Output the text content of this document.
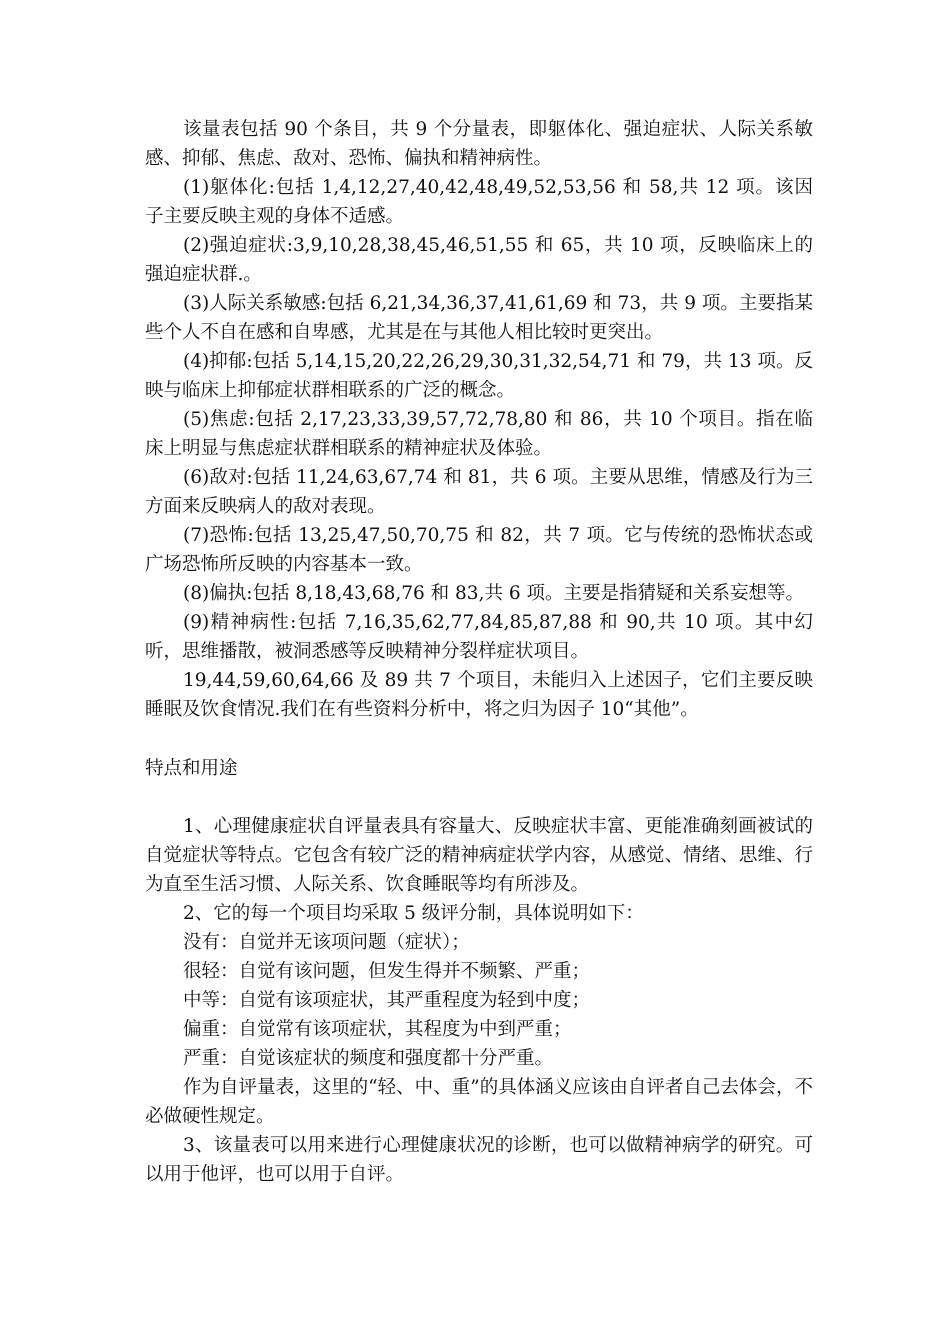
该量表包括 90 个条目，共 9 个分量表，即躯体化、强迫症状、人际关系敏感、抑郁、焦虑、敌对、恐怖、偏执和精神病性。

(1)躯体化:包括 1,4,12,27,40,42,48,49,52,53,56 和 58,共 12 项。该因子主要反映主观的身体不适感。

(2)强迫症状:3,9,10,28,38,45,46,51,55 和 65，共 10 项，反映临床上的强迫症状群.。

(3)人际关系敏感:包括 6,21,34,36,37,41,61,69 和 73，共 9 项。主要指某些个人不自在感和自卑感，尤其是在与其他人相比较时更突出。

(4)抑郁:包括 5,14,15,20,22,26,29,30,31,32,54,71 和 79，共 13 项。反映与临床上抑郁症状群相联系的广泛的概念。

(5)焦虑:包括 2,17,23,33,39,57,72,78,80 和 86，共 10 个项目。指在临床上明显与焦虑症状群相联系的精神症状及体验。

(6)敌对:包括 11,24,63,67,74 和 81，共 6 项。主要从思维，情感及行为三方面来反映病人的敌对表现。

(7)恐怖:包括 13,25,47,50,70,75 和 82，共 7 项。它与传统的恐怖状态或广场恐怖所反映的内容基本一致。

(8)偏执:包括 8,18,43,68,76 和 83,共 6 项。主要是指猜疑和关系妄想等。

(9)精神病性:包括 7,16,35,62,77,84,85,87,88 和 90,共 10 项。其中幻听，思维播散，被洞悉感等反映精神分裂样症状项目。

19,44,59,60,64,66 及 89 共 7 个项目，未能归入上述因子，它们主要反映睡眠及饮食情况.我们在有些资料分析中，将之归为因子 10“其他”。

特点和用途

1、心理健康症状自评量表具有容量大、反映症状丰富、更能准确刻画被试的自觉症状等特点。它包含有较广泛的精神病症状学内容，从感觉、情绪、思维、行为直至生活习惯、人际关系、饮食睡眠等均有所涉及。

2、它的每一个项目均采取 5 级评分制，具体说明如下：

没有：自觉并无该项问题（症状）；

很轻：自觉有该问题，但发生得并不频繁、严重；

中等：自觉有该项症状，其严重程度为轻到中度；

偏重：自觉常有该项症状，其程度为中到严重；

严重：自觉该症状的频度和强度都十分严重。

作为自评量表，这里的“轻、中、重”的具体涵义应该由自评者自己去体会，不必做硬性规定。

3、该量表可以用来进行心理健康状况的诊断，也可以做精神病学的研究。可以用于他评，也可以用于自评。
